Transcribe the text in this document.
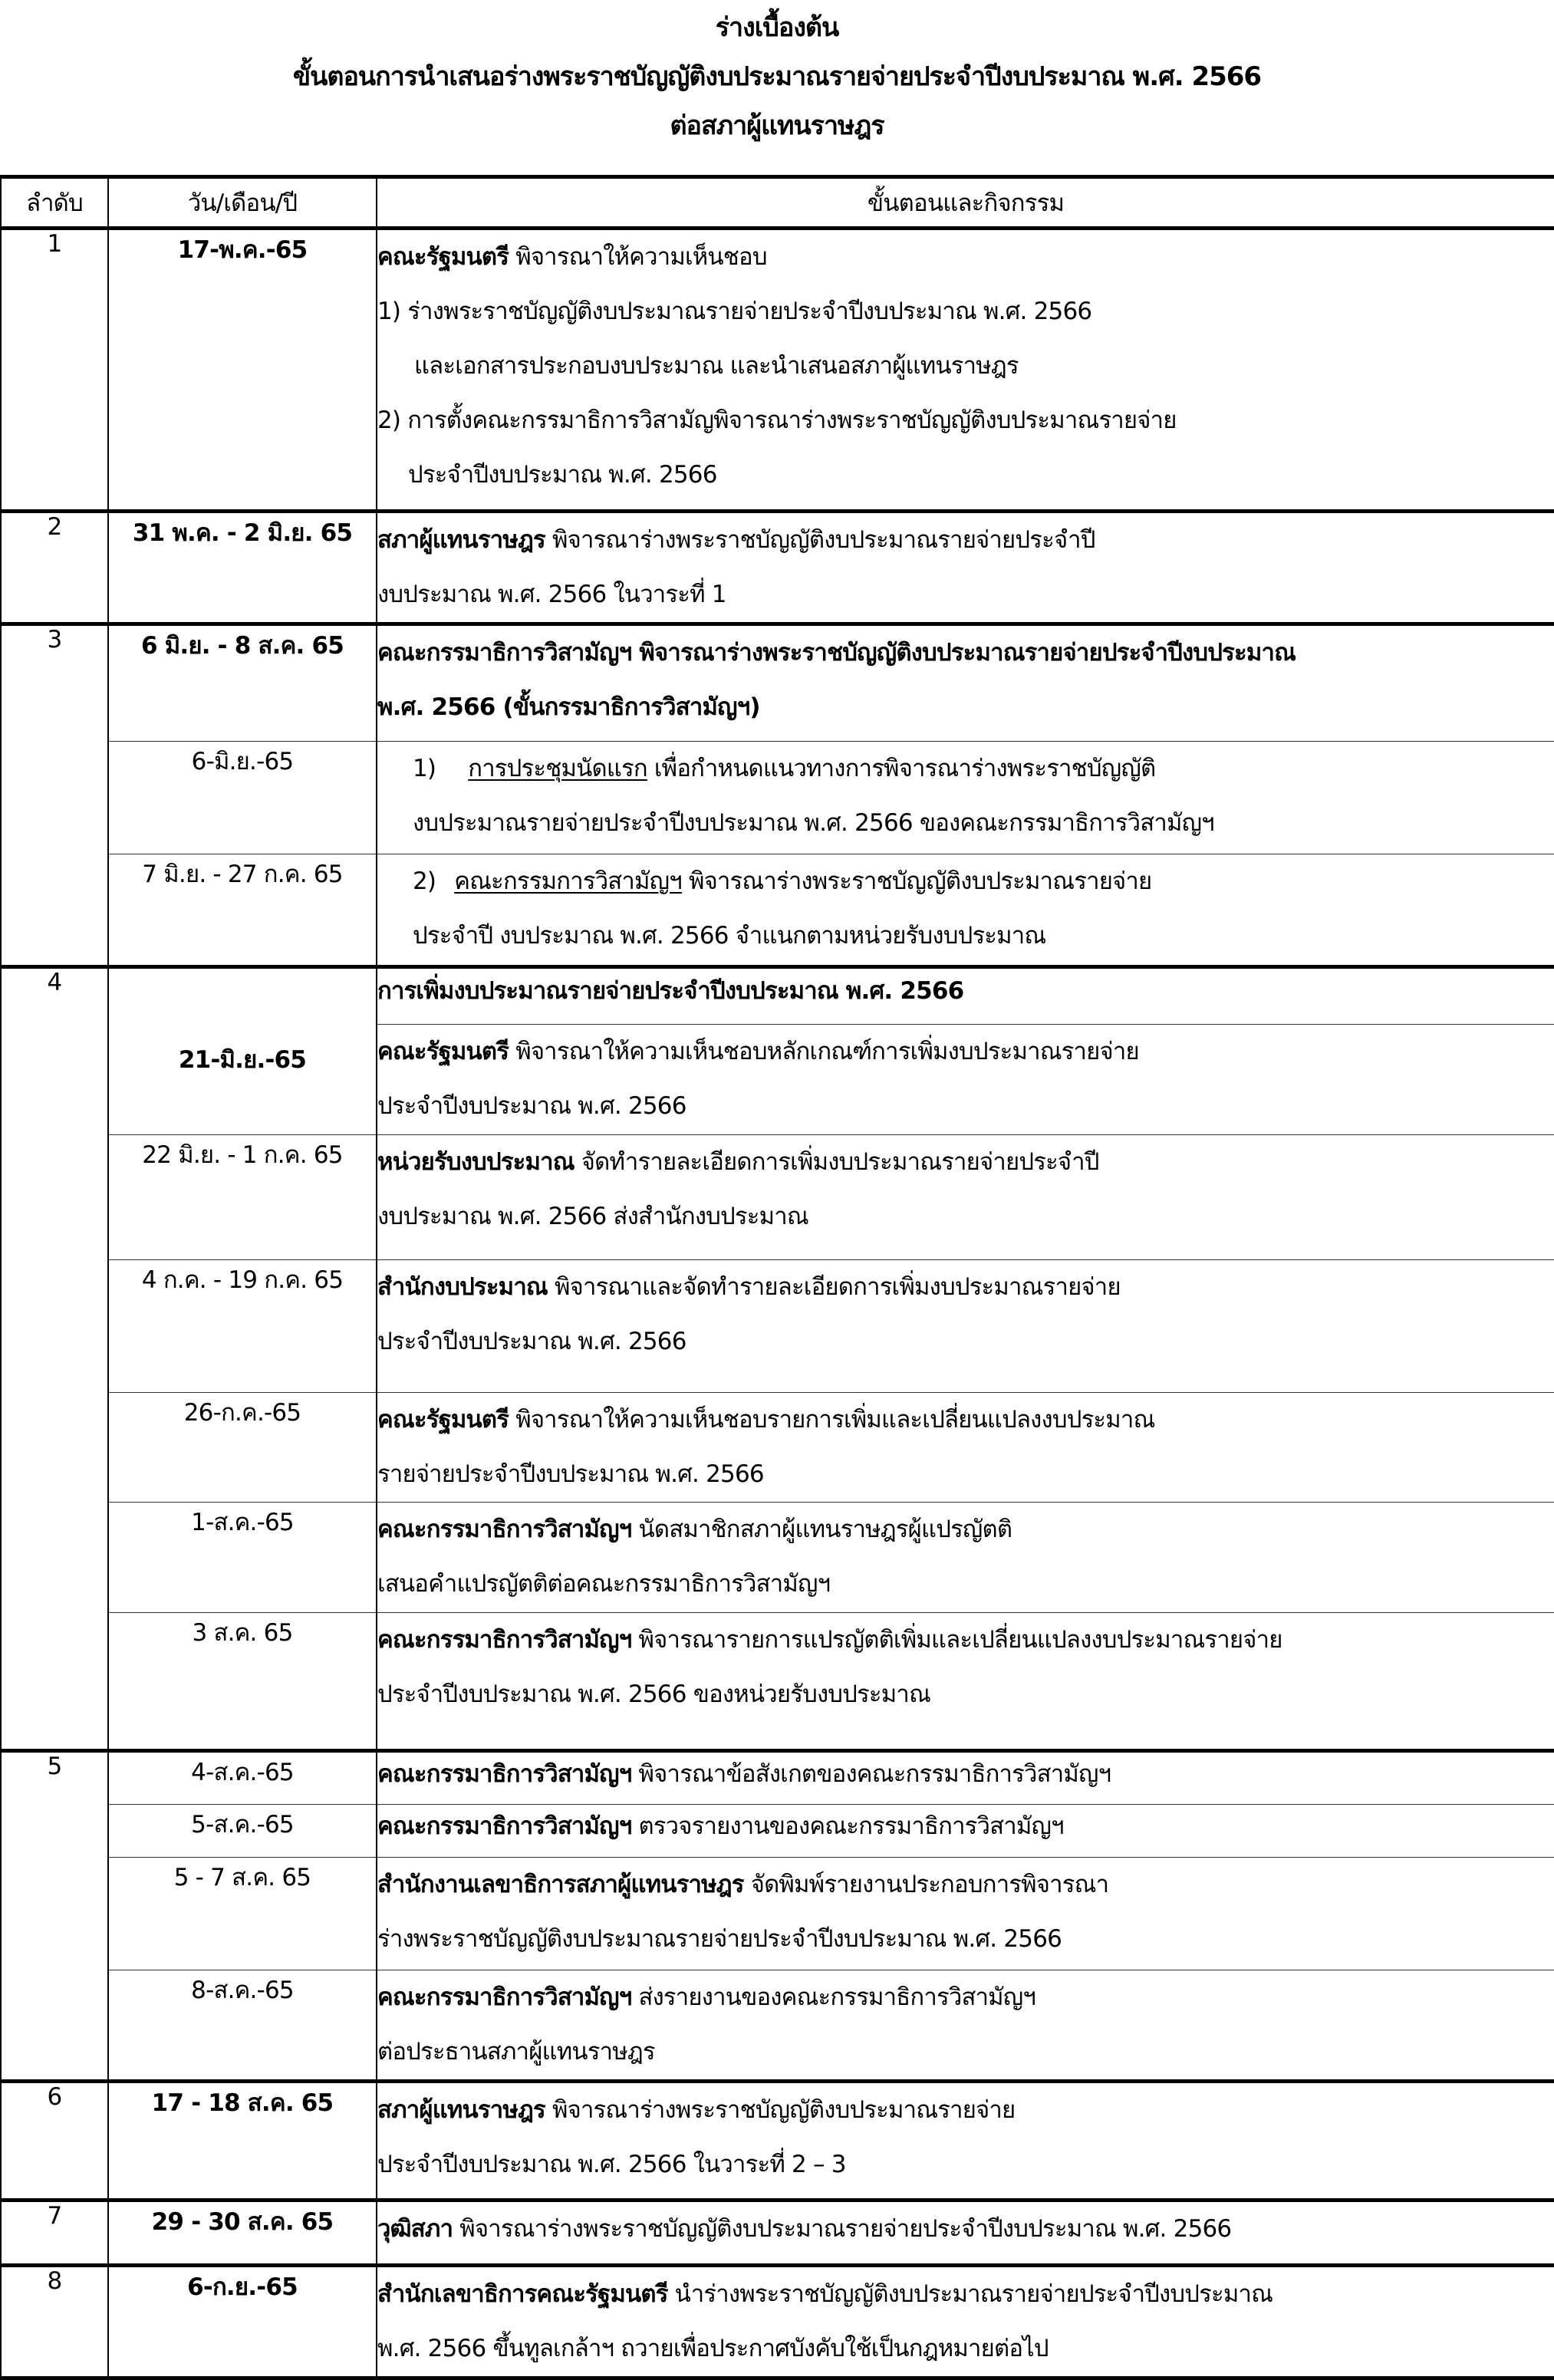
ร่างเบื้องต้น
ขั้นตอนการนำเสนอร่างพระราชบัญญัติงบประมาณรายจ่ายประจำปีงบประมาณ พ.ศ. 2566
ต่อสภาผู้แทนราษฎร
ลำดับ	วัน/เดือน/ปี	ขั้นตอนและกิจกรรม
1	17-พ.ค.-65	คณะรัฐมนตรี พิจารณาให้ความเห็นชอบ
1) ร่างพระราชบัญญัติงบประมาณรายจ่ายประจำปีงบประมาณ พ.ศ. 2566
และเอกสารประกอบงบประมาณ และนำเสนอสภาผู้แทนราษฎร
2) การตั้งคณะกรรมาธิการวิสามัญพิจารณาร่างพระราชบัญญัติงบประมาณรายจ่าย
ประจำปีงบประมาณ พ.ศ. 2566

2	31 พ.ค. - 2 มิ.ย. 65	สภาผู้แทนราษฎร พิจารณาร่างพระราชบัญญัติงบประมาณรายจ่ายประจำปี
งบประมาณ พ.ศ. 2566 ในวาระที่ 1

3	6 มิ.ย. - 8 ส.ค. 65	คณะกรรมาธิการวิสามัญฯ พิจารณาร่างพระราชบัญญัติงบประมาณรายจ่ายประจำปีงบประมาณ
พ.ศ. 2566 (ขั้นกรรมาธิการวิสามัญฯ)

	6-มิ.ย.-65	1) การประชุมนัดแรก เพื่อกำหนดแนวทางการพิจารณาร่างพระราชบัญญัติ
งบประมาณรายจ่ายประจำปีงบประมาณ พ.ศ. 2566 ของคณะกรรมาธิการวิสามัญฯ

	7 มิ.ย. - 27 ก.ค. 65	2) คณะกรรมการวิสามัญฯ พิจารณาร่างพระราชบัญญัติงบประมาณรายจ่าย
ประจำปี งบประมาณ พ.ศ. 2566 จำแนกตามหน่วยรับงบประมาณ

4		การเพิ่มงบประมาณรายจ่ายประจำปีงบประมาณ พ.ศ. 2566

	21-มิ.ย.-65	คณะรัฐมนตรี พิจารณาให้ความเห็นชอบหลักเกณฑ์การเพิ่มงบประมาณรายจ่าย
ประจำปีงบประมาณ พ.ศ. 2566

	22 มิ.ย. - 1 ก.ค. 65	หน่วยรับงบประมาณ จัดทำรายละเอียดการเพิ่มงบประมาณรายจ่ายประจำปี
งบประมาณ พ.ศ. 2566 ส่งสำนักงบประมาณ

	4 ก.ค. - 19 ก.ค. 65	สำนักงบประมาณ พิจารณาและจัดทำรายละเอียดการเพิ่มงบประมาณรายจ่าย
ประจำปีงบประมาณ พ.ศ. 2566

	26-ก.ค.-65	คณะรัฐมนตรี พิจารณาให้ความเห็นชอบรายการเพิ่มและเปลี่ยนแปลงงบประมาณ
รายจ่ายประจำปีงบประมาณ พ.ศ. 2566

	1-ส.ค.-65	คณะกรรมาธิการวิสามัญฯ นัดสมาชิกสภาผู้แทนราษฎรผู้แปรญัตติ
เสนอคำแปรญัตติต่อคณะกรรมาธิการวิสามัญฯ

	3 ส.ค. 65	คณะกรรมาธิการวิสามัญฯ พิจารณารายการแปรญัตติเพิ่มและเปลี่ยนแปลงงบประมาณรายจ่าย
ประจำปีงบประมาณ พ.ศ. 2566 ของหน่วยรับงบประมาณ

5	4-ส.ค.-65	คณะกรรมาธิการวิสามัญฯ พิจารณาข้อสังเกตของคณะกรรมาธิการวิสามัญฯ

	5-ส.ค.-65	คณะกรรมาธิการวิสามัญฯ ตรวจรายงานของคณะกรรมาธิการวิสามัญฯ

	5 - 7 ส.ค. 65	สำนักงานเลขาธิการสภาผู้แทนราษฎร จัดพิมพ์รายงานประกอบการพิจารณา
ร่างพระราชบัญญัติงบประมาณรายจ่ายประจำปีงบประมาณ พ.ศ. 2566

	8-ส.ค.-65	คณะกรรมาธิการวิสามัญฯ ส่งรายงานของคณะกรรมาธิการวิสามัญฯ
ต่อประธานสภาผู้แทนราษฎร

6	17 - 18 ส.ค. 65	สภาผู้แทนราษฎร พิจารณาร่างพระราชบัญญัติงบประมาณรายจ่าย
ประจำปีงบประมาณ พ.ศ. 2566 ในวาระที่ 2 – 3

7	29 - 30 ส.ค. 65	วุฒิสภา พิจารณาร่างพระราชบัญญัติงบประมาณรายจ่ายประจำปีงบประมาณ พ.ศ. 2566

8	6-ก.ย.-65	สำนักเลขาธิการคณะรัฐมนตรี นำร่างพระราชบัญญัติงบประมาณรายจ่ายประจำปีงบประมาณ
พ.ศ. 2566 ขึ้นทูลเกล้าฯ ถวายเพื่อประกาศบังคับใช้เป็นกฎหมายต่อไป
